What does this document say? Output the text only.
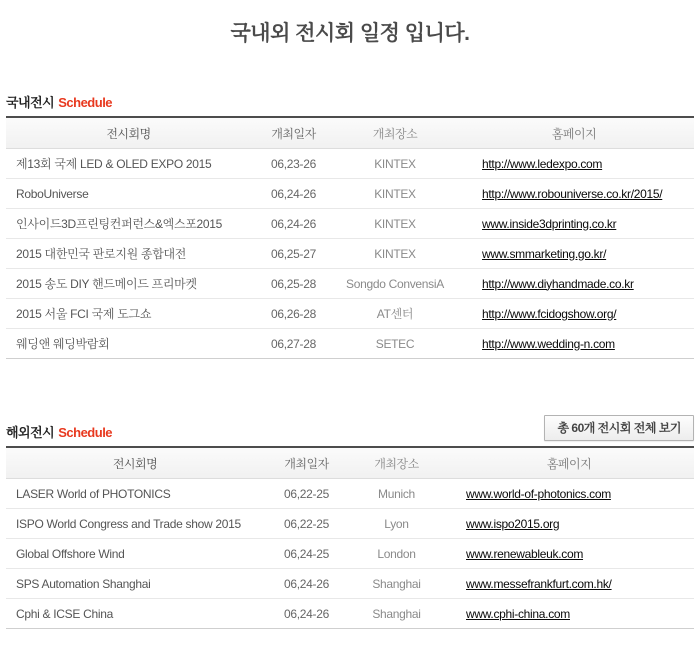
국내외 전시회 일정 입니다.
국내전시 Schedule
전시회명	개최일자	개최장소	홈페이지
제13회 국제 LED & OLED EXPO 2015	06,23-26	KINTEX	http://www.ledexpo.com
RoboUniverse	06,24-26	KINTEX	http://www.robouniverse.co.kr/2015/
인사이드3D프린팅컨퍼런스&엑스포2015	06,24-26	KINTEX	www.inside3dprinting.co.kr
2015 대한민국 판로지원 종합대전	06,25-27	KINTEX	www.smmarketing.go.kr/
2015 송도 DIY 핸드메이드 프리마켓	06,25-28	Songdo ConvensiA	http://www.diyhandmade.co.kr
2015 서울 FCI 국제 도그쇼	06,26-28	AT센터	http://www.fcidogshow.org/
웨딩앤 웨딩박람회	06,27-28	SETEC	http://www.wedding-n.com
해외전시 Schedule	총 60개 전시회 전체 보기
전시회명	개최일자	개최장소	홈페이지
LASER World of PHOTONICS	06,22-25	Munich	www.world-of-photonics.com
ISPO World Congress and Trade show 2015	06,22-25	Lyon	www.ispo2015.org
Global Offshore Wind	06,24-25	London	www.renewableuk.com
SPS Automation Shanghai	06,24-26	Shanghai	www.messefrankfurt.com.hk/
Cphi & ICSE China	06,24-26	Shanghai	www.cphi-china.com
